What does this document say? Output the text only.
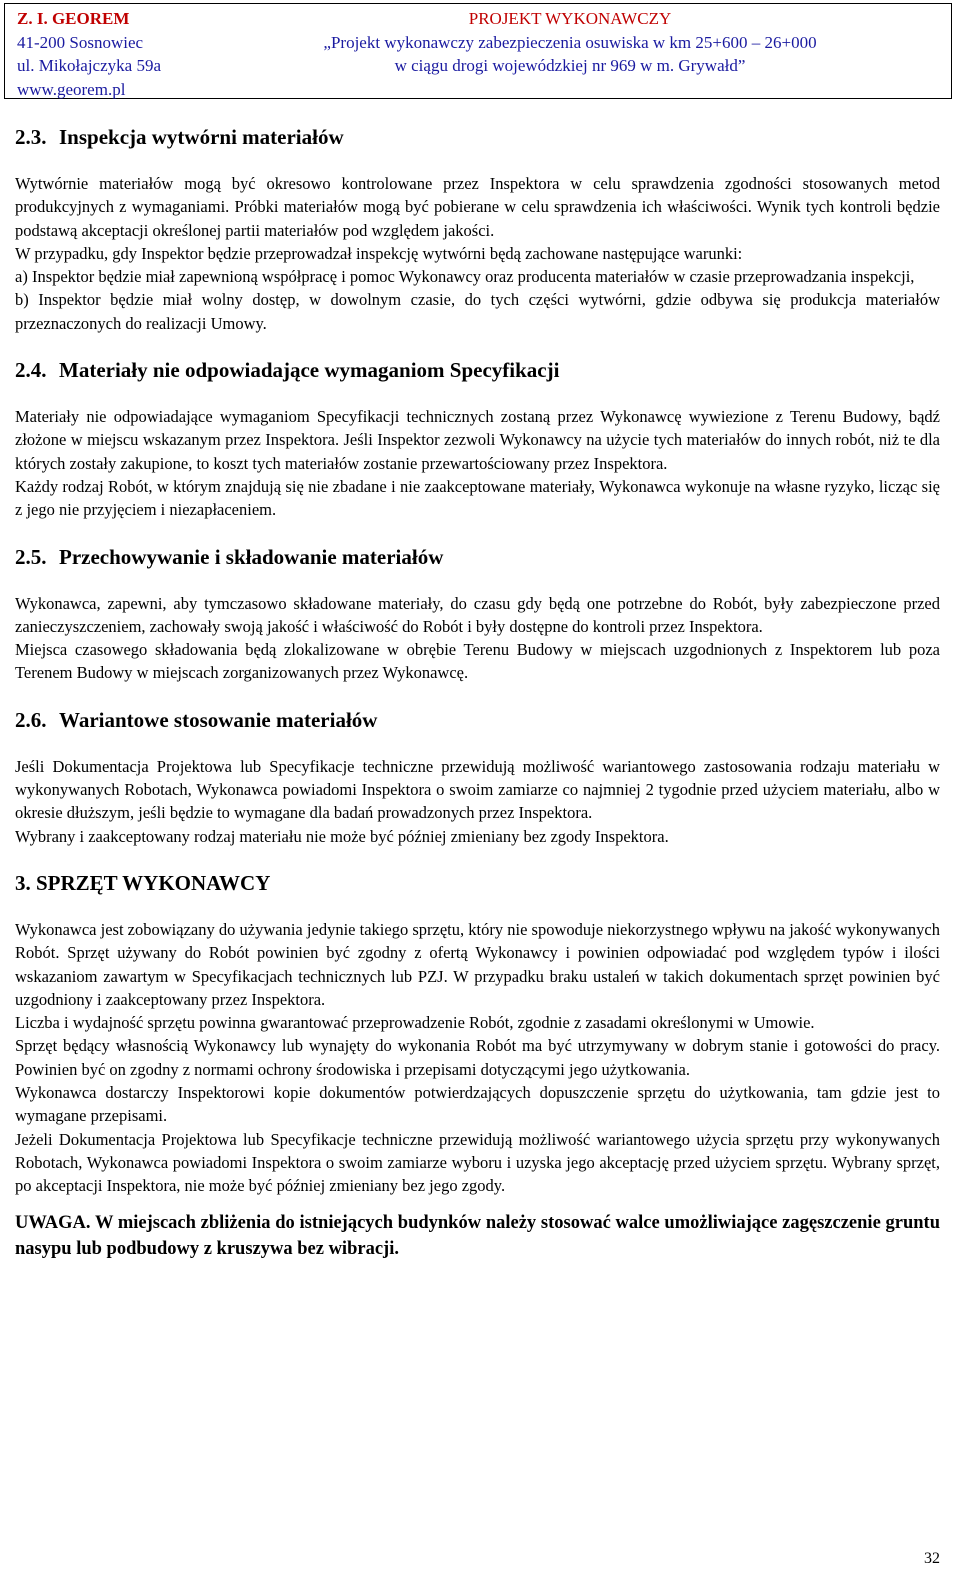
Z. I. GEOREM
41-200 Sosnowiec
ul. Mikołajczyka 59a
www.georem.pl
PROJEKT WYKONAWCZY
„Projekt wykonawczy zabezpieczenia osuwiska w km 25+600 – 26+000
w ciągu drogi wojewódzkiej nr 969 w m. Grywałd”
2.3. Inspekcja wytwórni materiałów

Wytwórnie materiałów mogą być okresowo kontrolowane przez Inspektora w celu sprawdzenia zgodności stosowanych metod produkcyjnych z wymaganiami. Próbki materiałów mogą być pobierane w celu sprawdzenia ich właściwości. Wynik tych kontroli będzie podstawą akceptacji określonej partii materiałów pod względem jakości.

W przypadku, gdy Inspektor będzie przeprowadzał inspekcję wytwórni będą zachowane następujące warunki:

a) Inspektor będzie miał zapewnioną współpracę i pomoc Wykonawcy oraz producenta materiałów w czasie przeprowadzania inspekcji,

b) Inspektor będzie miał wolny dostęp, w dowolnym czasie, do tych części wytwórni, gdzie odbywa się produkcja materiałów przeznaczonych do realizacji Umowy.

2.4. Materiały nie odpowiadające wymaganiom Specyfikacji

Materiały nie odpowiadające wymaganiom Specyfikacji technicznych zostaną przez Wykonawcę wywiezione z Terenu Budowy, bądź złożone w miejscu wskazanym przez Inspektora. Jeśli Inspektor zezwoli Wykonawcy na użycie tych materiałów do innych robót, niż te dla których zostały zakupione, to koszt tych materiałów zostanie przewartościowany przez Inspektora.

Każdy rodzaj Robót, w którym znajdują się nie zbadane i nie zaakceptowane materiały, Wykonawca wykonuje na własne ryzyko, licząc się z jego nie przyjęciem i niezapłaceniem.

2.5. Przechowywanie i składowanie materiałów

Wykonawca, zapewni, aby tymczasowo składowane materiały, do czasu gdy będą one potrzebne do Robót, były zabezpieczone przed zanieczyszczeniem, zachowały swoją jakość i właściwość do Robót i były dostępne do kontroli przez Inspektora.

Miejsca czasowego składowania będą zlokalizowane w obrębie Terenu Budowy w miejscach uzgodnionych z Inspektorem lub poza Terenem Budowy w miejscach zorganizowanych przez Wykonawcę.

2.6. Wariantowe stosowanie materiałów

Jeśli Dokumentacja Projektowa lub Specyfikacje techniczne przewidują możliwość wariantowego zastosowania rodzaju materiału w wykonywanych Robotach, Wykonawca powiadomi Inspektora o swoim zamiarze co najmniej 2 tygodnie przed użyciem materiału, albo w okresie dłuższym, jeśli będzie to wymagane dla badań prowadzonych przez Inspektora.

Wybrany i zaakceptowany rodzaj materiału nie może być później zmieniany bez zgody Inspektora.

3. SPRZĘT WYKONAWCY

Wykonawca jest zobowiązany do używania jedynie takiego sprzętu, który nie spowoduje niekorzystnego wpływu na jakość wykonywanych Robót. Sprzęt używany do Robót powinien być zgodny z ofertą Wykonawcy i powinien odpowiadać pod względem typów i ilości wskazaniom zawartym w Specyfikacjach technicznych lub PZJ. W przypadku braku ustaleń w takich dokumentach sprzęt powinien być uzgodniony i zaakceptowany przez Inspektora.

Liczba i wydajność sprzętu powinna gwarantować przeprowadzenie Robót, zgodnie z zasadami określonymi w Umowie.

Sprzęt będący własnością Wykonawcy lub wynajęty do wykonania Robót ma być utrzymywany w dobrym stanie i gotowości do pracy. Powinien być on zgodny z normami ochrony środowiska i przepisami dotyczącymi jego użytkowania.

Wykonawca dostarczy Inspektorowi kopie dokumentów potwierdzających dopuszczenie sprzętu do użytkowania, tam gdzie jest to wymagane przepisami.

Jeżeli Dokumentacja Projektowa lub Specyfikacje techniczne przewidują możliwość wariantowego użycia sprzętu przy wykonywanych Robotach, Wykonawca powiadomi Inspektora o swoim zamiarze wyboru i uzyska jego akceptację przed użyciem sprzętu. Wybrany sprzęt, po akceptacji Inspektora, nie może być później zmieniany bez jego zgody.

UWAGA. W miejscach zbliżenia do istniejących budynków należy stosować walce umożliwiające zagęszczenie gruntu nasypu lub podbudowy z kruszywa bez wibracji.

32
